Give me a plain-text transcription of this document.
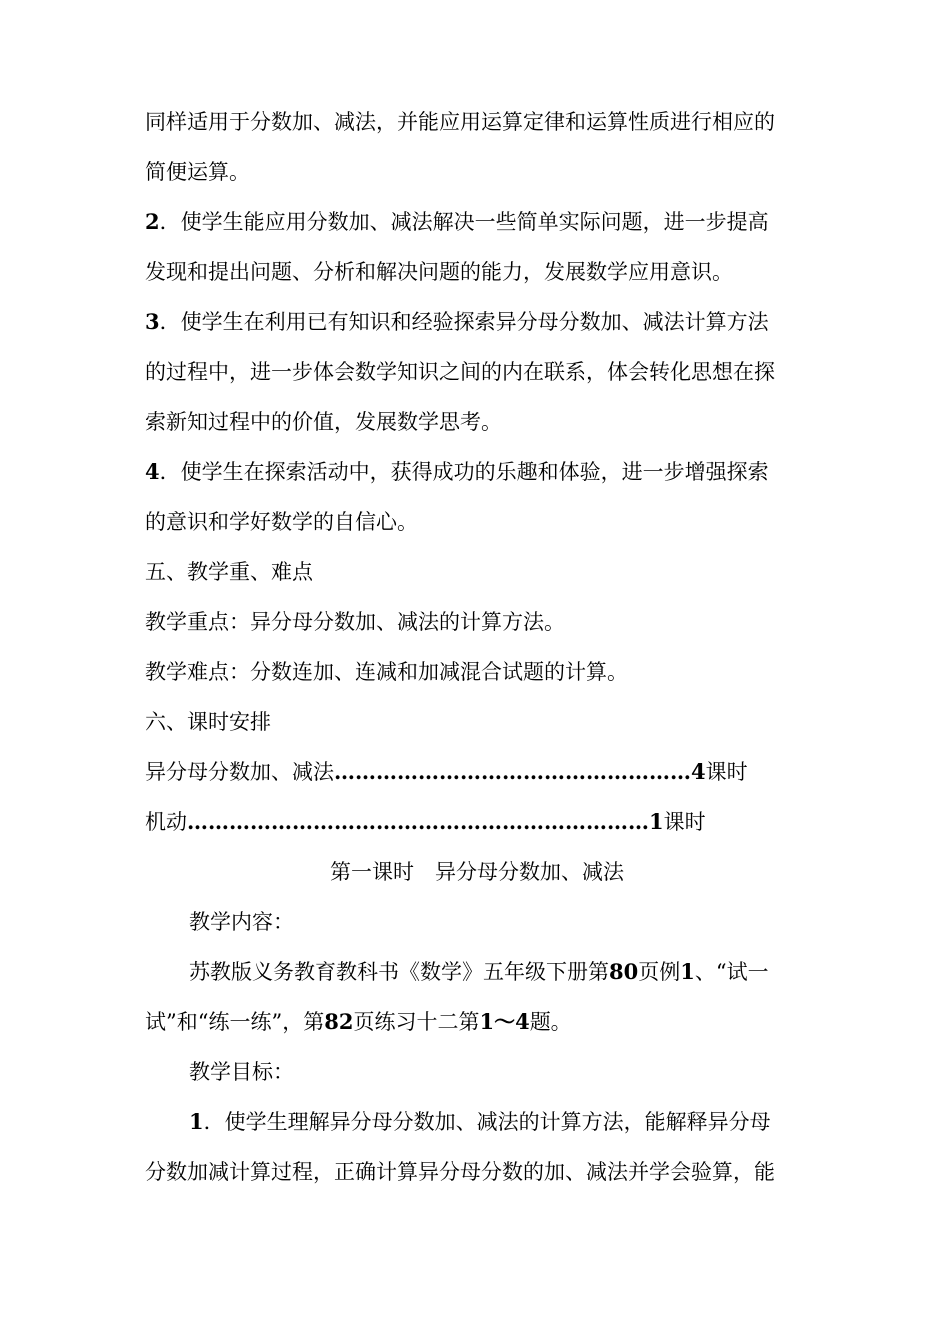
同样适用于分数加、减法，并能应用运算定律和运算性质进行相应的
简便运算。
2．使学生能应用分数加、减法解决一些简单实际问题，进一步提高
发现和提出问题、分析和解决问题的能力，发展数学应用意识。
3．使学生在利用已有知识和经验探索异分母分数加、减法计算方法
的过程中，进一步体会数学知识之间的内在联系，体会转化思想在探
索新知过程中的价值，发展数学思考。
4．使学生在探索活动中，获得成功的乐趣和体验，进一步增强探索
的意识和学好数学的自信心。
五、教学重、难点
教学重点：异分母分数加、减法的计算方法。
教学难点：分数连加、连减和加减混合试题的计算。
六、课时安排
异分母分数加、减法……………………………………………4课时
机动…………………………………………………………1课时
第一课时　异分母分数加、减法
教学内容：
苏教版义务教育教科书《数学》五年级下册第80页例1、“试一
试”和“练一练”，第82页练习十二第1～4题。
教学目标：
1．使学生理解异分母分数加、减法的计算方法，能解释异分母
分数加减计算过程，正确计算异分母分数的加、减法并学会验算，能
